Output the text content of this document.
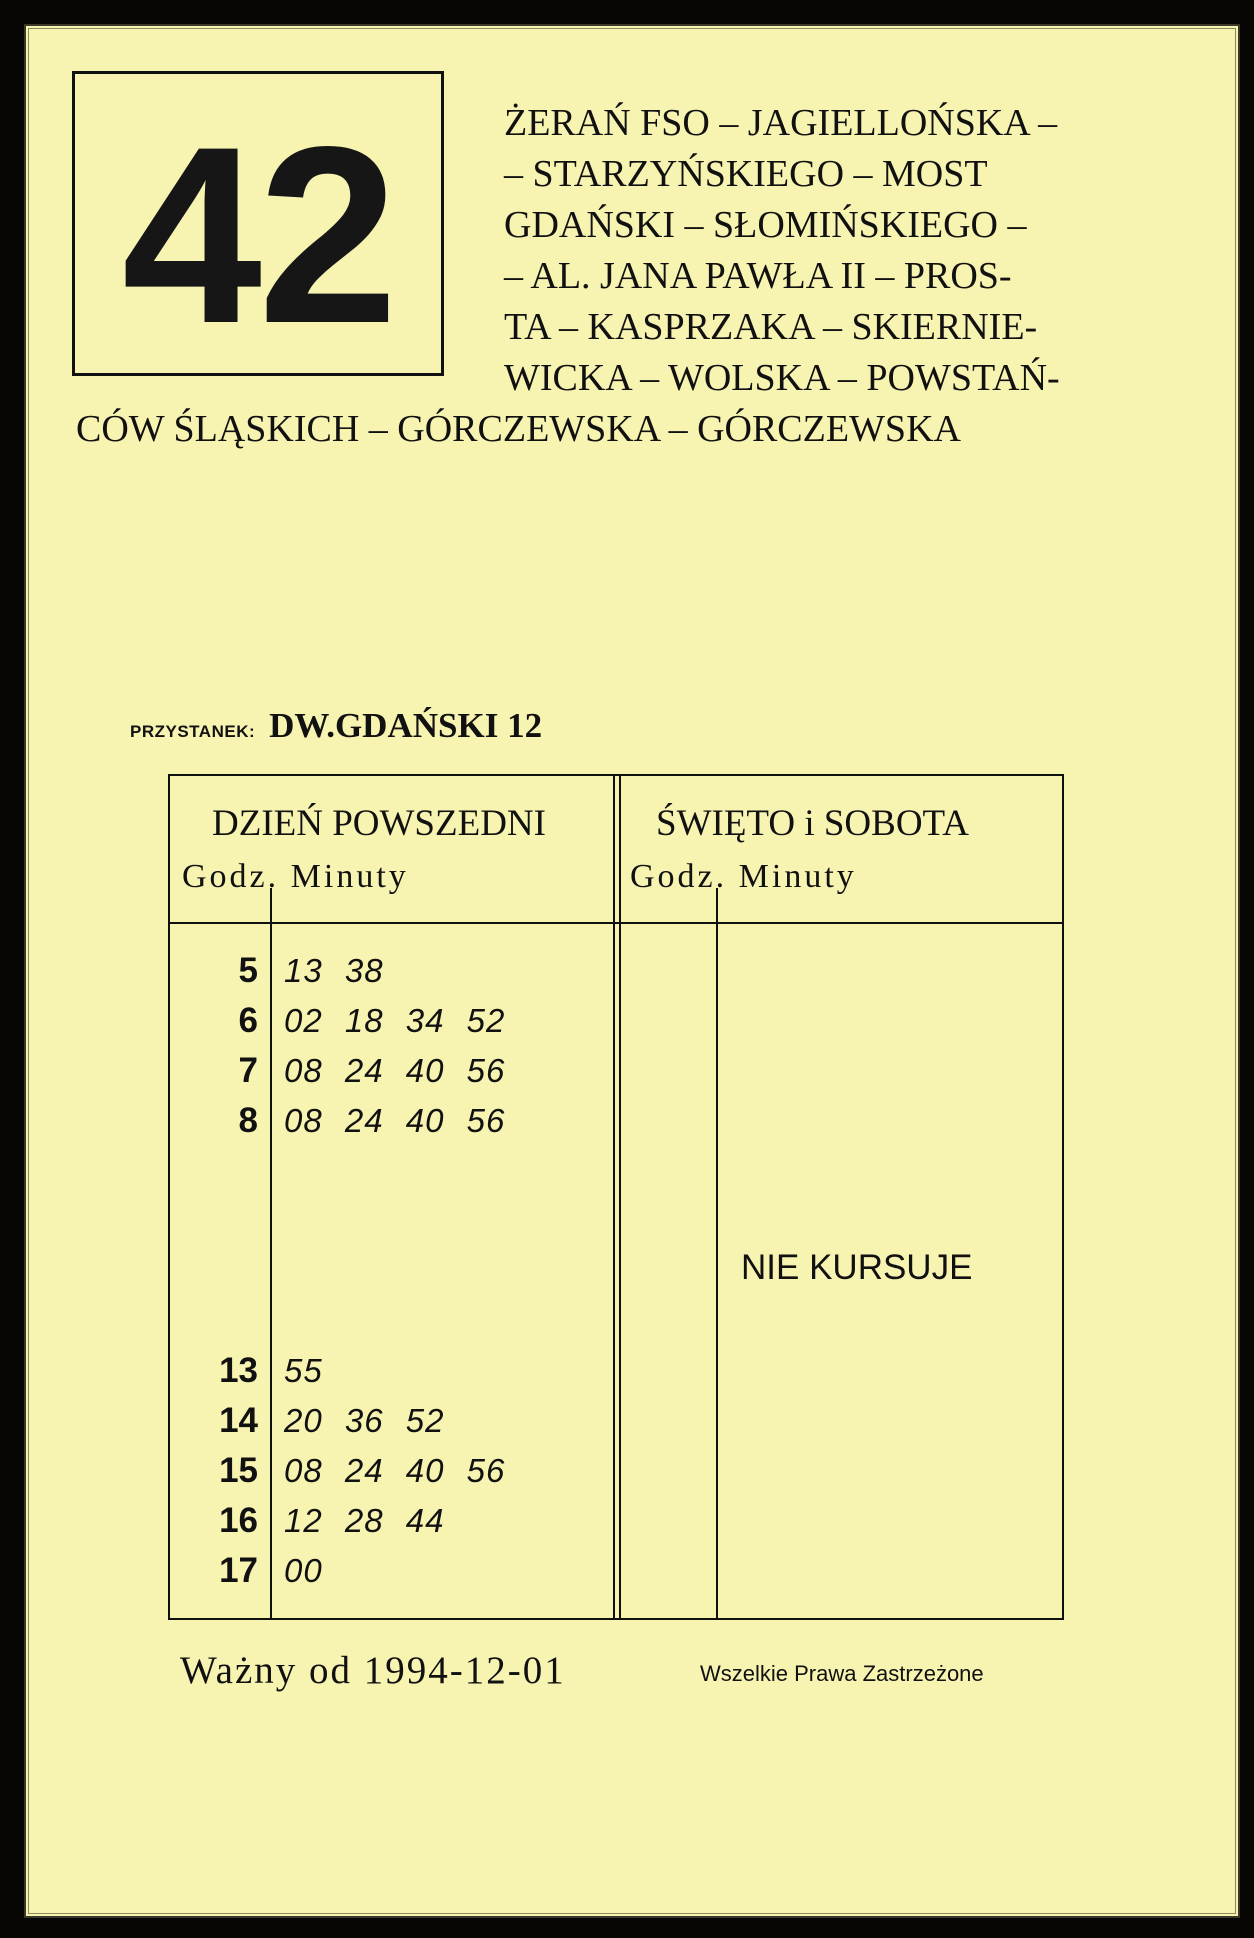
42	ŻERAŃ FSO – JAGIELLOŃSKA –
– STARZYŃSKIEGO – MOST
GDAŃSKI – SŁOMIŃSKIEGO –
– AL. JANA PAWŁA II – PROS-
TA – KASPRZAKA – SKIERNIE-
WICKA – WOLSKA – POWSTAŃ-
CÓW ŚLĄSKICH – GÓRCZEWSKA – GÓRCZEWSKA
PRZYSTANEK: DW.GDAŃSKI 12
DZIEŃ POWSZEDNI
Godz. Minuty
ŚWIĘTO i SOBOTA
Godz. Minuty
5 13 38
6 02 18 34 52
7 08 24 40 56
8 08 24 40 56
13 55
14 20 36 52
15 08 24 40 56
16 12 28 44
17 00
NIE KURSUJE
Ważny od 1994-12-01	Wszelkie Prawa Zastrzeżone
